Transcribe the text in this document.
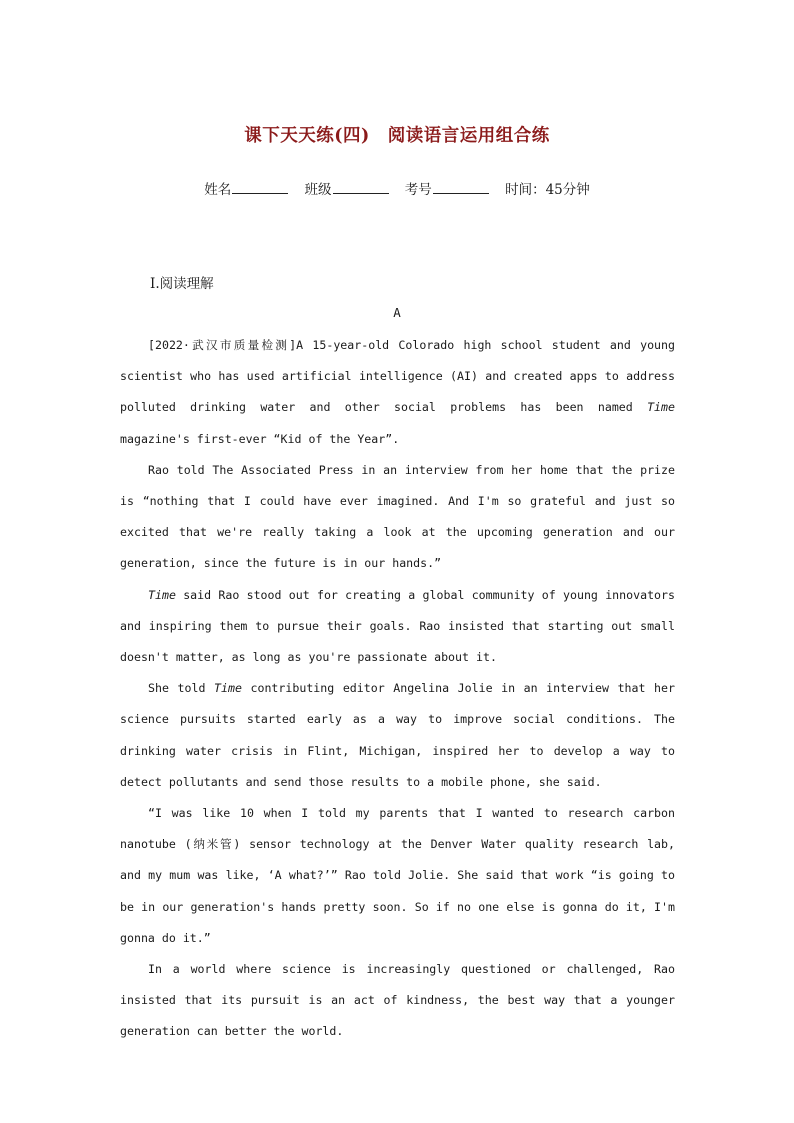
课下天天练(四)　阅读语言运用组合练
姓名	班级	考号	时间：45分钟
Ⅰ.阅读理解
A

[2022·武汉市质量检测]A 15-year-old Colorado high school student and young scientist who has used artificial intelligence (AI) and created apps to address polluted drinking water and other social problems has been named Time magazine's first-ever “Kid of the Year”.

Rao told The Associated Press in an interview from her home that the prize is “nothing that I could have ever imagined. And I'm so grateful and just so excited that we're really taking a look at the upcoming generation and our generation, since the future is in our hands.”

Time said Rao stood out for creating a global community of young innovators and inspiring them to pursue their goals. Rao insisted that starting out small doesn't matter, as long as you're passionate about it.

She told Time contributing editor Angelina Jolie in an interview that her science pursuits started early as a way to improve social conditions. The drinking water crisis in Flint, Michigan, inspired her to develop a way to detect pollutants and send those results to a mobile phone, she said.

“I was like 10 when I told my parents that I wanted to research carbon nanotube (纳米管) sensor technology at the Denver Water quality research lab, and my mum was like, ‘A what?’” Rao told Jolie. She said that work “is going to be in our generation's hands pretty soon. So if no one else is gonna do it, I'm gonna do it.”

In a world where science is increasingly questioned or challenged, Rao insisted that its pursuit is an act of kindness, the best way that a younger generation can better the world.
